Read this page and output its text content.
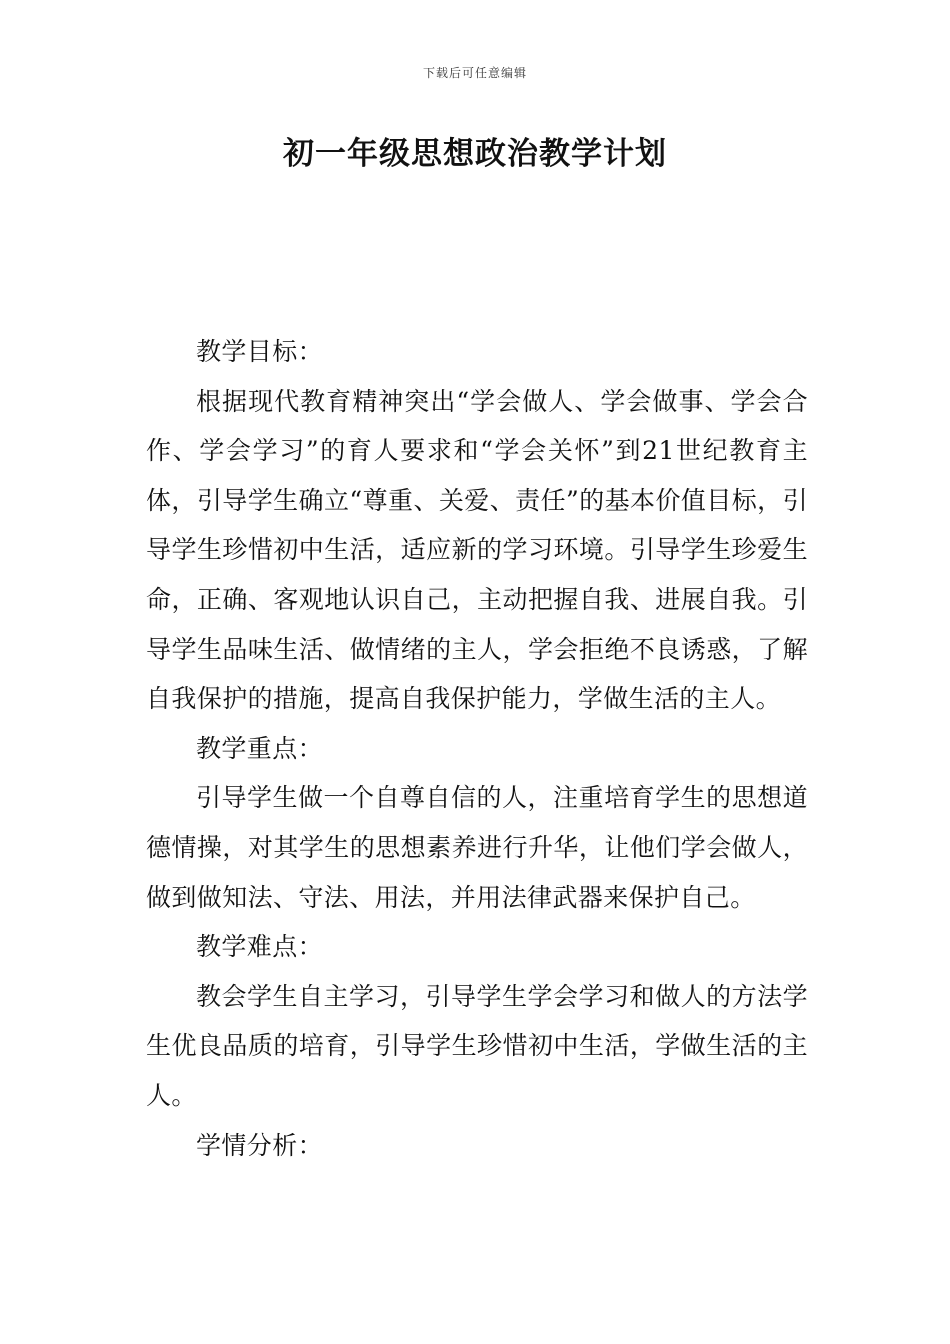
下载后可任意编辑
初一年级思想政治教学计划

教学目标：

根据现代教育精神突出“学会做人、学会做事、学会合作、学会学习”的育人要求和“学会关怀”到21世纪教育主体，引导学生确立“尊重、关爱、责任”的基本价值目标，引导学生珍惜初中生活，适应新的学习环境。引导学生珍爱生命，正确、客观地认识自己，主动把握自我、进展自我。引导学生品味生活、做情绪的主人，学会拒绝不良诱惑，了解自我保护的措施，提高自我保护能力，学做生活的主人。

教学重点：

引导学生做一个自尊自信的人，注重培育学生的思想道德情操，对其学生的思想素养进行升华，让他们学会做人，做到做知法、守法、用法，并用法律武器来保护自己。

教学难点：

教会学生自主学习，引导学生学会学习和做人的方法学生优良品质的培育，引导学生珍惜初中生活，学做生活的主人。

学情分析：
